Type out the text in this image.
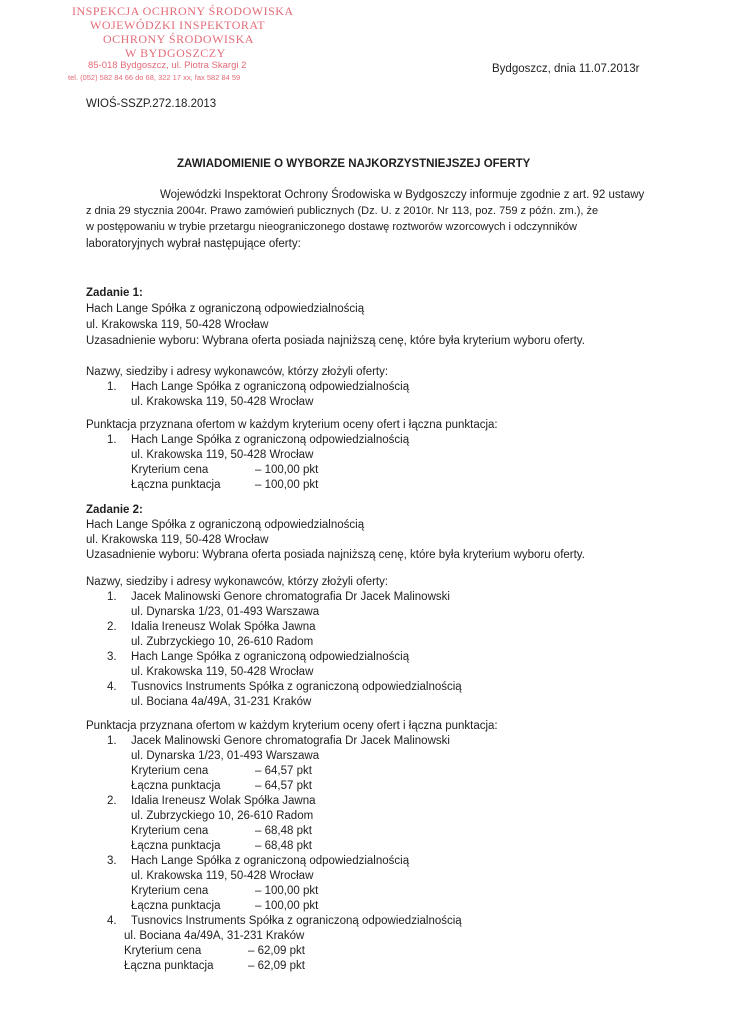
INSPEKCJA OCHRONY ŚRODOWISKA
WOJEWÓDZKI INSPEKTORAT
OCHRONY ŚRODOWISKA
W BYDGOSZCZY
85-018 Bydgoszcz, ul. Piotra Skargi 2
tel. (052) 582 84 66 do 68, 322 17 xx, fax 582 84 59
Bydgoszcz, dnia 11.07.2013r
WIOŚ-SSZP.272.18.2013
ZAWIADOMIENIE O WYBORZE NAJKORZYSTNIEJSZEJ OFERTY
Wojewódzki Inspektorat Ochrony Środowiska w Bydgoszczy informuje zgodnie z art. 92 ustawy
z dnia 29 stycznia 2004r. Prawo zamówień publicznych (Dz. U. z 2010r. Nr 113, poz. 759 z późn. zm.), że
w postępowaniu w trybie przetargu nieograniczonego dostawę roztworów wzorcowych i odczynników
laboratoryjnych wybrał następujące oferty:
Zadanie 1:
Hach Lange Spółka z ograniczoną odpowiedzialnością
ul. Krakowska 119, 50-428 Wrocław
Uzasadnienie wyboru: Wybrana oferta posiada najniższą cenę, które była kryterium wyboru oferty.
Nazwy, siedziby i adresy wykonawców, którzy złożyli oferty:
1. Hach Lange Spółka z ograniczoną odpowiedzialnością
ul. Krakowska 119, 50-428 Wrocław
Punktacja przyznana ofertom w każdym kryterium oceny ofert i łączna punktacja:
1. Hach Lange Spółka z ograniczoną odpowiedzialnością
ul. Krakowska 119, 50-428 Wrocław
Kryterium cena	– 100,00 pkt
Łączna punktacja	– 100,00 pkt
Zadanie 2:
Hach Lange Spółka z ograniczoną odpowiedzialnością
ul. Krakowska 119, 50-428 Wrocław
Uzasadnienie wyboru: Wybrana oferta posiada najniższą cenę, które była kryterium wyboru oferty.
Nazwy, siedziby i adresy wykonawców, którzy złożyli oferty:
1. Jacek Malinowski Genore chromatografia Dr Jacek Malinowski
ul. Dynarska 1/23, 01-493 Warszawa
2. Idalia Ireneusz Wolak Spółka Jawna
ul. Zubrzyckiego 10, 26-610 Radom
3. Hach Lange Spółka z ograniczoną odpowiedzialnością
ul. Krakowska 119, 50-428 Wrocław
4. Tusnovics Instruments Spółka z ograniczoną odpowiedzialnością
ul. Bociana 4a/49A, 31-231 Kraków
Punktacja przyznana ofertom w każdym kryterium oceny ofert i łączna punktacja:
1. Jacek Malinowski Genore chromatografia Dr Jacek Malinowski
ul. Dynarska 1/23, 01-493 Warszawa
Kryterium cena	– 64,57 pkt
Łączna punktacja	– 64,57 pkt
2. Idalia Ireneusz Wolak Spółka Jawna
ul. Zubrzyckiego 10, 26-610 Radom
Kryterium cena	– 68,48 pkt
Łączna punktacja	– 68,48 pkt
3. Hach Lange Spółka z ograniczoną odpowiedzialnością
ul. Krakowska 119, 50-428 Wrocław
Kryterium cena	– 100,00 pkt
Łączna punktacja	– 100,00 pkt
4. Tusnovics Instruments Spółka z ograniczoną odpowiedzialnością
ul. Bociana 4a/49A, 31-231 Kraków
Kryterium cena	– 62,09 pkt
Łączna punktacja	– 62,09 pkt
